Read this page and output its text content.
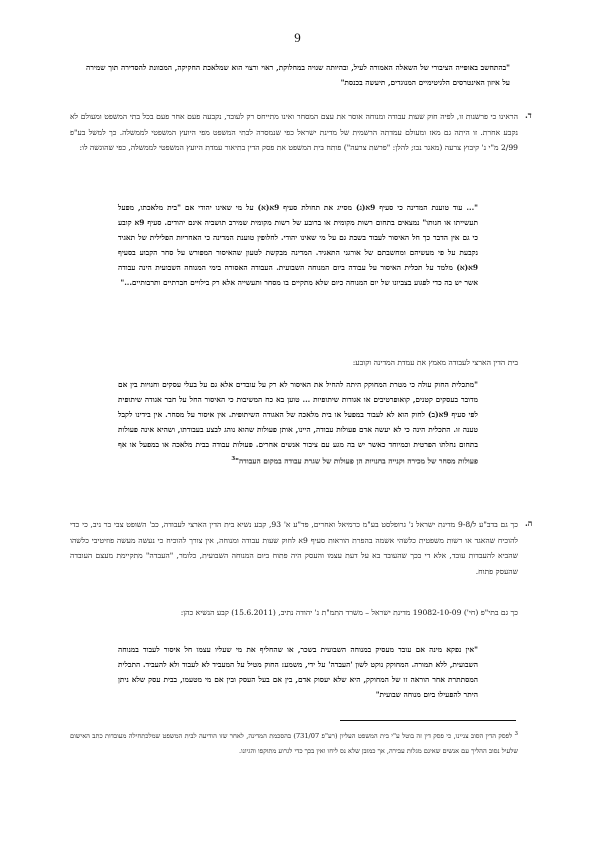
9
"בהתחשב באופייה הציבורי של השאלה האמורה לעיל, ובהיותה שנויה במחלוקת, ראוי ורצוי הוא שמלאכת החקיקה, המכוונת להסדירה תוך שמירה על איזון האינטרסים הלגיטימיים המנוגדים, תיעשה בכנסת"
ד.
הראינו כי פרשנות זו, לפיה חוק שעות עבודה ומנוחה אוסר את עצם המסחר ואינו מתייחס רק לעובד, נקבעה פעם אחר פעם בכל בתי המשפט ומעולם לא נקבע אחרת. זו היתה גם מאז ומעולם עמדתה הרשמית של מדינת ישראל כפי שנמסרה לבתי המשפט מפי היועץ המשפטי לממשלה. כך למשל בע"פ 2/99 מ"י נ' קיבוץ צרעה (מאגר נבו; להלן: "פרשת צרעה") פותח בית המשפט את פסק הדין בתיאור עמדת היועץ המשפטי לממשלה, כפי שהוגשה לו:
"... עוד טוענת המדינה כי סעיף 9א(ג) מסייג את תחולת סעיף 9א(א) על מי שאינו יהודי אם "בית מלאכתו, מפעל תעשייתו או חנותו" נמצאים בתחום רשות מקומית או ברובע של רשות מקומית שמירב תושביה אינם יהודים. סעיף 9א קובע כי גם אין הדבר כך חל האיסור לעבוד בשבת גם על מי שאינו יהודי. לחלופין טוענת המדינה כי האחריות הפלילית של תאגיד נקבעת על פי מעשיהם ומחשבתם של אורגני התאגיד. המדינה מבקשת לטעון שהאיסור המפורש על סחר הקבוע בסעיף 9א(א) מלמד על תכלית האיסור על עבודה ביום המנוחה השבועית. העבודה האסורה בימי המנוחה השבועית הינה עבודה אשר יש בה כדי לפגוע בצביונו של יום המנוחה כיום שלא מתקיים בו מסחר ותעשייה אלא רק בילויים חברתיים ותרבותיים..."
בית הדין הארצי לעבודה מאמץ את עמדת המדינה וקובע:
"מתכלית החוק עולה כי מטרת המחוקק היתה להחיל את האיסור לא רק על עובדים אלא גם על בעלי עסקים וחנויות בין אם מדובר בעסקים קטנים, קואופרטיבים או אגודות שיתופיות ... טוען בא כח המשיבות כי האיסור החל על חבר אגודה שיתופית לפי סעיף 9א(ב) לחוק הוא לא לעבוד במפעל או בית מלאכה של האגודה השיתופית. אין איסור על מסחר. אין בידינו לקבל טענה זו. התכלית הינה כי לא יעשה אדם פעולות עבודה, היינו, אותן פעולות שהוא נוהג לבצע בעבודתו, ושהיא אינה פעולות בתחום נחלתו הפרטית וכמיוחד כאשר יש בה מגע עם ציבור אנשים אחרים. פעולות עבודה בבית מלאכה או במפעל או אף פעולות מסחר של מכירה וקנייה בחנויות הן פעולות של שגרת עבודה במקום העבודה"$^3$
ה.
כך גם בדב"ע ל/9-8 מדינת ישראל נ' גרופלסט בע"מ כרמיאל ואחרים, פד"ע א' 93, קבע נשיא בית הדין הארצי לעבודה, כב' השופט צבי בר ניב, כי כדי להוכיח שהאגד או רשות משפטית כלשהי אשמה בהפרת הוראות סעיף 9א לחוק שעות עבודה ומנוחה, אין צורך להוכיח כי נעשה מעשה פוזיטיבי כלשהו שהביא להעבדות עובד, אלא די בכך שהעובד בא על דעת עצמו והעסק היה פתוח ביום המנוחה השבועית, כלומר, "העבדה" מתקיימת מעצם העובדה שהעסק פתוח.
כך גם בתי"פ (חי') 19082-10-09 מדינת ישראל – משרד התמ"ת נ' יהודה נתיב, (15.6.2011) קבע הנשיא כהן:
"אין נפקא מינה אם עובד מעסיק במנוחה השבועית בשכר, או שהחליף את מי שעליו עצמו חל איסור לעבוד במנוחה השבועית, ללא תמורה. המחוקק נוקט לשון 'העבדה' על ידי, משמע: החוק מטיל על המעביד לא לעבוד ולא להעביד. התכלית המסתתרת אחר הוראה זו של המחוקק, היא שלא יעסוק אדם, בין אם בעל העסק ובין אם מי מטעמו, בבית עסק שלא ניתן היתר להפעילו ביום מנוחה שבועית"
$^3$ לפסק הדין הסוב צניינו, כי פסק דין זה בוטל ע"י בית המשפט העליון (רע"פ 731/07) בהסכמת המדינה, לאחר שזו הודיעה לבית המשפט שמלכתחילה מעובדות כתב האישום שלעיל נסוב ההליך עם אנשים שאינם מגלות עבירה, אך כמובן שלא נס ליחו ואין בכך כדי לגרוע מתוקפו והגיונו.
